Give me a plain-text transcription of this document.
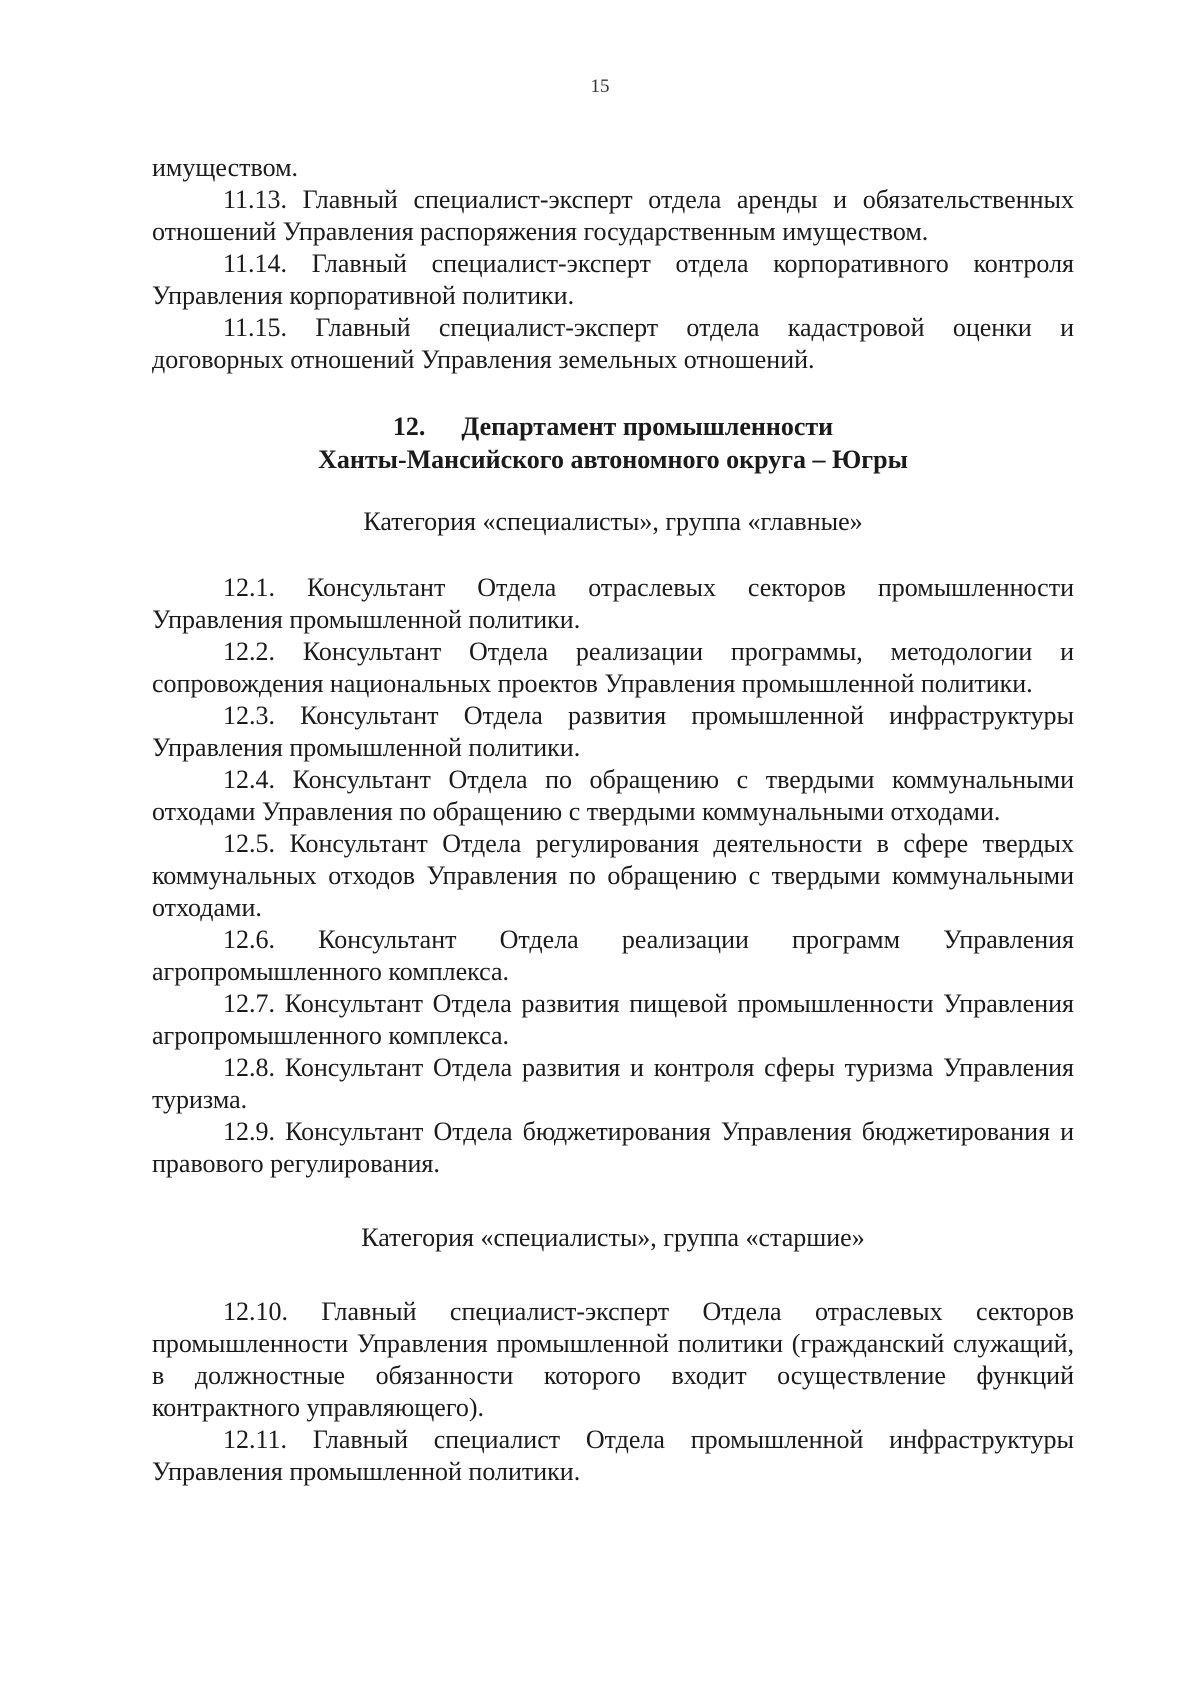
15

имуществом.

11.13. Главный специалист-эксперт отдела аренды и обязательственных отношений Управления распоряжения государственным имуществом.

11.14. Главный специалист-эксперт отдела корпоративного контроля Управления корпоративной политики.

11.15. Главный специалист-эксперт отдела кадастровой оценки и договорных отношений Управления земельных отношений.

12. Департамент промышленности
Ханты-Мансийского автономного округа – Югры
Категория «специалисты», группа «главные»

12.1. Консультант Отдела отраслевых секторов промышленности Управления промышленной политики.

12.2. Консультант Отдела реализации программы, методологии и сопровождения национальных проектов Управления промышленной политики.

12.3. Консультант Отдела развития промышленной инфраструктуры Управления промышленной политики.

12.4. Консультант Отдела по обращению с твердыми коммунальными отходами Управления по обращению с твердыми коммунальными отходами.

12.5. Консультант Отдела регулирования деятельности в сфере твердых коммунальных отходов Управления по обращению с твердыми коммунальными отходами.

12.6. Консультант Отдела реализации программ Управления агропромышленного комплекса.

12.7. Консультант Отдела развития пищевой промышленности Управления агропромышленного комплекса.

12.8. Консультант Отдела развития и контроля сферы туризма Управления туризма.

12.9. Консультант Отдела бюджетирования Управления бюджетирования и правового регулирования.

Категория «специалисты», группа «старшие»

12.10. Главный специалист-эксперт Отдела отраслевых секторов промышленности Управления промышленной политики (гражданский служащий, в должностные обязанности которого входит осуществление функций контрактного управляющего).

12.11. Главный специалист Отдела промышленной инфраструктуры Управления промышленной политики.
